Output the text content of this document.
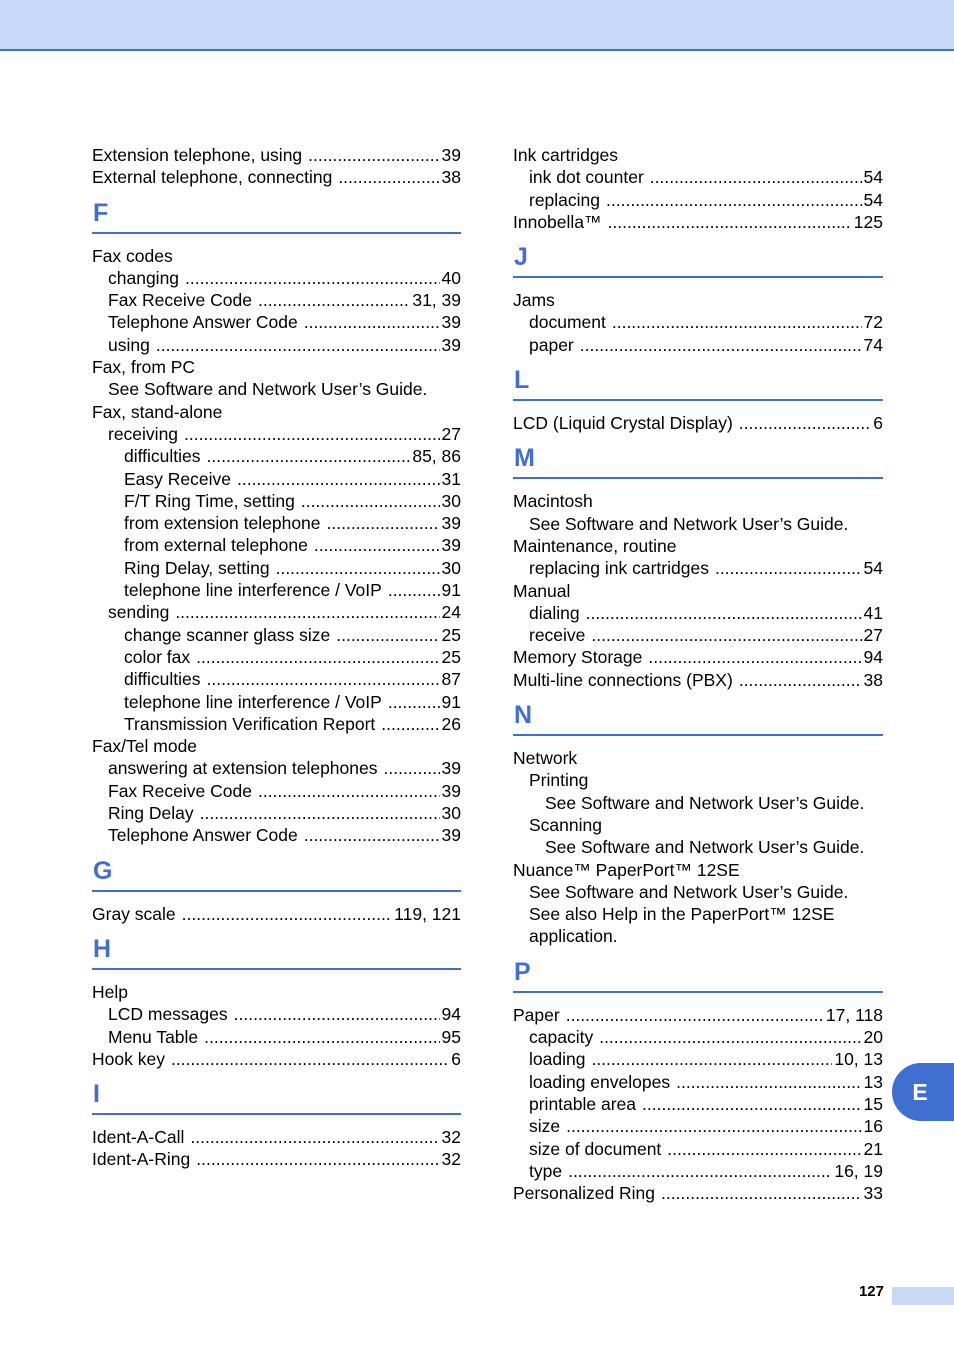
Extension telephone, using .....	39
External telephone, connecting .....	38
F
Fax codes
changing .....	40
Fax Receive Code .....	31, 39
Telephone Answer Code .....	39
using .....	39
Fax, from PC
See Software and Network User’s Guide.
Fax, stand-alone
receiving .....	27
difficulties .....	85, 86
Easy Receive .....	31
F/T Ring Time, setting .....	30
from extension telephone .....	39
from external telephone .....	39
Ring Delay, setting .....	30
telephone line interference / VoIP .....	91
sending .....	24
change scanner glass size .....	25
color fax .....	25
difficulties .....	87
telephone line interference / VoIP .....	91
Transmission Verification Report .....	26
Fax/Tel mode
answering at extension telephones .....	39
Fax Receive Code .....	39
Ring Delay .....	30
Telephone Answer Code .....	39
G
Gray scale .....	119, 121
H
Help
LCD messages .....	94
Menu Table .....	95
Hook key .....	6
I
Ident-A-Call .....	32
Ident-A-Ring .....	32
Ink cartridges
ink dot counter .....	54
replacing .....	54
Innobella™ .....	125
J
Jams
document .....	72
paper .....	74
L
LCD (Liquid Crystal Display) .....	6
M
Macintosh
See Software and Network User’s Guide.
Maintenance, routine
replacing ink cartridges .....	54
Manual
dialing .....	41
receive .....	27
Memory Storage .....	94
Multi-line connections (PBX) .....	38
N
Network
Printing
See Software and Network User’s Guide.
Scanning
See Software and Network User’s Guide.
Nuance™ PaperPort™ 12SE
See Software and Network User’s Guide.
See also Help in the PaperPort™ 12SE
application.
P
Paper .....	17, 118
capacity .....	20
loading .....	10, 13
loading envelopes .....	13
printable area .....	15
size .....	16
size of document .....	21
type .....	16, 19
Personalized Ring .....	33
E
127
